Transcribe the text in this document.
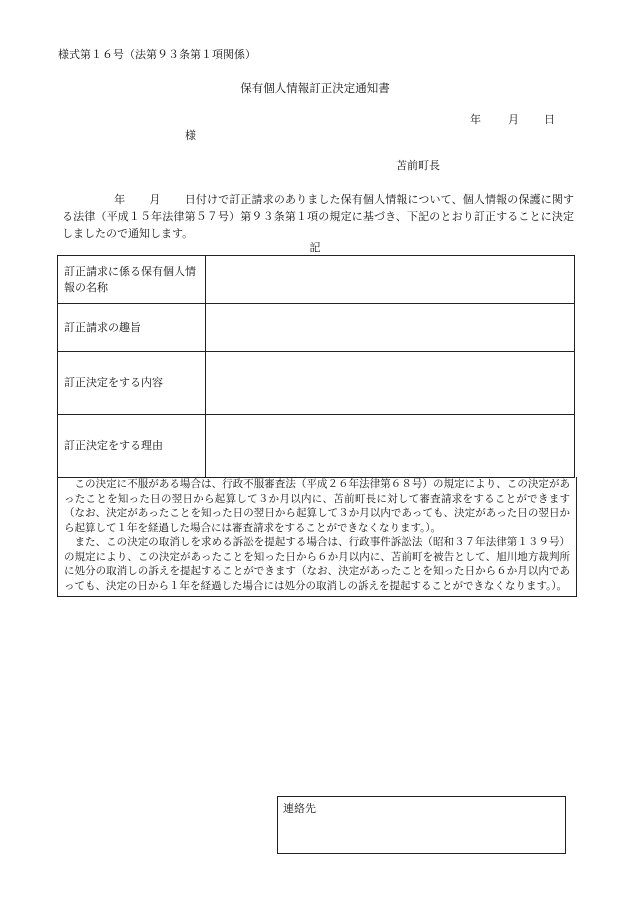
様式第１６号（法第９３条第１項関係）
保有個人情報訂正決定通知書
年 月 日
様
苫前町長
年 月 日付けで訂正請求のありました保有個人情報について、個人情報の保護に関する法律（平成１５年法律第５７号）第９３条第１項の規定に基づき、下記のとおり訂正することに決定しましたので通知します。
記
訂正請求に係る保有個人情報の名称	
訂正請求の趣旨	
訂正決定をする内容	
訂正決定をする理由	

この決定に不服がある場合は、行政不服審査法（平成２６年法律第６８号）の規定により、この決定があったことを知った日の翌日から起算して３か月以内に、苫前町長に対して審査請求をすることができます（なお、決定があったことを知った日の翌日から起算して３か月以内であっても、決定があった日の翌日から起算して１年を経過した場合には審査請求をすることができなくなります。）。

また、この決定の取消しを求める訴訟を提起する場合は、行政事件訴訟法（昭和３７年法律第１３９号）の規定により、この決定があったことを知った日から６か月以内に、苫前町を被告として、旭川地方裁判所に処分の取消しの訴えを提起することができます（なお、決定があったことを知った日から６か月以内であっても、決定の日から１年を経過した場合には処分の取消しの訴えを提起することができなくなります。）。

連絡先
